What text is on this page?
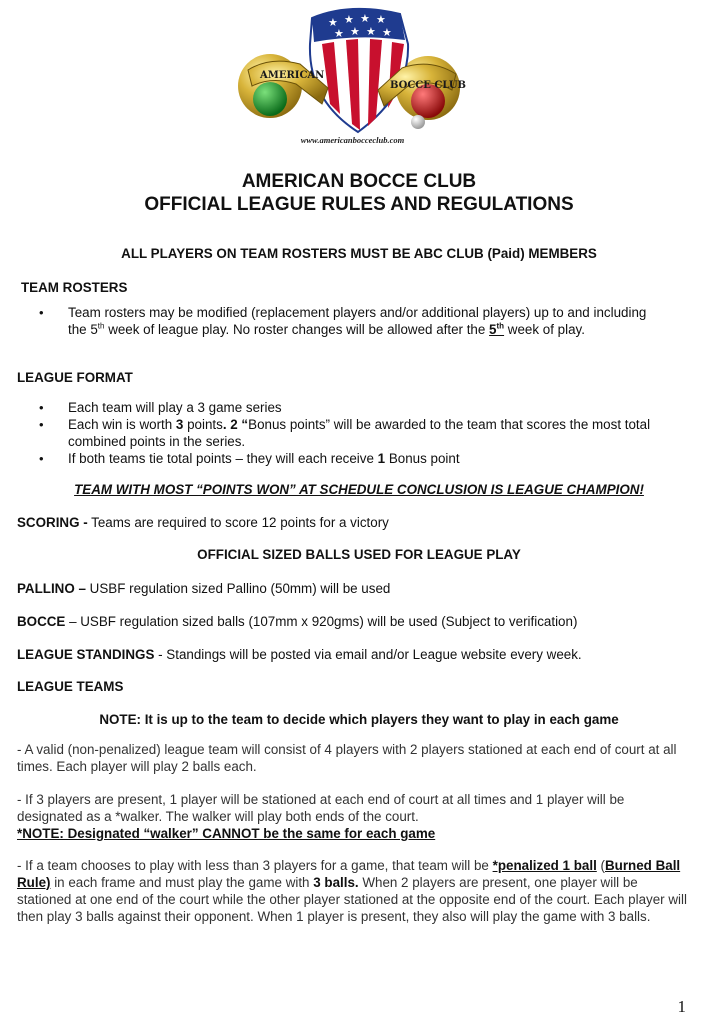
★ ★ ★ ★
★ ★ ★ ★
AMERICAN
BOCCE CLUB
www.americanbocceclub.com
AMERICAN BOCCE CLUB
OFFICIAL LEAGUE RULES AND REGULATIONS
ALL PLAYERS ON TEAM ROSTERS MUST BE ABC CLUB (Paid) MEMBERS
TEAM ROSTERS
• Team rosters may be modified (replacement players and/or additional players) up to and including the 5th week of league play. No roster changes will be allowed after the 5th week of play.
LEAGUE FORMAT
• Each team will play a 3 game series
• Each win is worth 3 points. 2 “Bonus points” will be awarded to the team that scores the most total combined points in the series.
• If both teams tie total points – they will each receive 1 Bonus point
TEAM WITH MOST “POINTS WON” AT SCHEDULE CONCLUSION IS LEAGUE CHAMPION!
SCORING - Teams are required to score 12 points for a victory
OFFICIAL SIZED BALLS USED FOR LEAGUE PLAY
PALLINO – USBF regulation sized Pallino (50mm) will be used
BOCCE – USBF regulation sized balls (107mm x 920gms) will be used (Subject to verification)
LEAGUE STANDINGS - Standings will be posted via email and/or League website every week.
LEAGUE TEAMS
NOTE: It is up to the team to decide which players they want to play in each game
- A valid (non-penalized) league team will consist of 4 players with 2 players stationed at each end of court at all times. Each player will play 2 balls each.
- If 3 players are present, 1 player will be stationed at each end of court at all times and 1 player will be designated as a *walker. The walker will play both ends of the court.
*NOTE: Designated “walker” CANNOT be the same for each game
- If a team chooses to play with less than 3 players for a game, that team will be *penalized 1 ball (Burned Ball Rule) in each frame and must play the game with 3 balls. When 2 players are present, one player will be stationed at one end of the court while the other player stationed at the opposite end of the court. Each player will then play 3 balls against their opponent. When 1 player is present, they also will play the game with 3 balls.
1
